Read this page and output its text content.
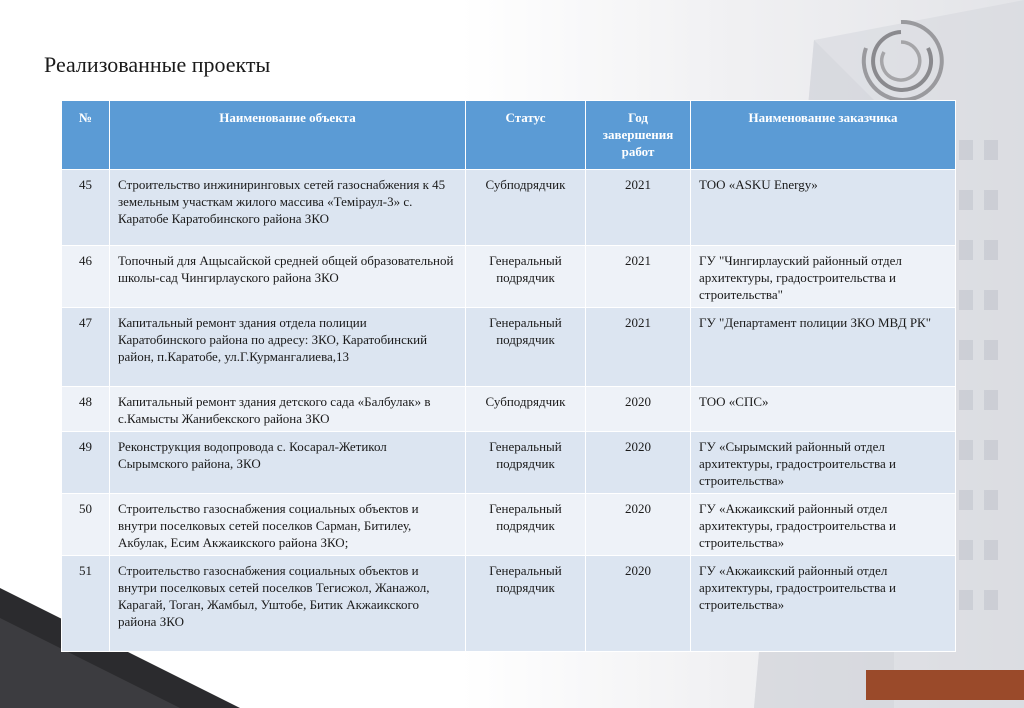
Реализованные проекты
№	Наименование объекта	Статус	Год завершения работ	Наименование заказчика
45	Строительство инжиниринговых сетей газоснабжения к 45 земельным участкам жилого массива «Теміраул-3» с. Каратобе Каратобинского района ЗКО	Субподрядчик	2021	ТОО «ASKU Energy»
46	Топочный для Ащысайской средней общей образовательной школы-сад Чингирлауского района ЗКО	Генеральный подрядчик	2021	ГУ "Чингирлауский районный отдел архитектуры, градостроительства и строительства"
47	Капитальный ремонт здания отдела полиции Каратобинского района по адресу: ЗКО, Каратобинский район, п.Каратобе, ул.Г.Курмангалиева,13	Генеральный подрядчик	2021	ГУ "Департамент полиции ЗКО МВД РК"
48	Капитальный ремонт здания детского сада «Балбулак» в с.Камысты Жанибекского района ЗКО	Субподрядчик	2020	ТОО «СПС»
49	Реконструкция водопровода с. Косарал-Жетикол Сырымского района, ЗКО	Генеральный подрядчик	2020	ГУ «Сырымский районный отдел архитектуры, градостроительства и строительства»
50	Строительство газоснабжения социальных объектов и внутри поселковых сетей поселков Сарман, Битилеу, Акбулак, Есим Акжаикского района ЗКО;	Генеральный подрядчик	2020	ГУ «Акжаикский районный отдел архитектуры, градостроительства и строительства»
51	Строительство газоснабжения социальных объектов и внутри поселковых сетей поселков Тегисжол, Жанажол, Карагай, Тоган, Жамбыл, Уштобе, Битик Акжаикского района ЗКО	Генеральный подрядчик	2020	ГУ «Акжаикский районный отдел архитектуры, градостроительства и строительства»
